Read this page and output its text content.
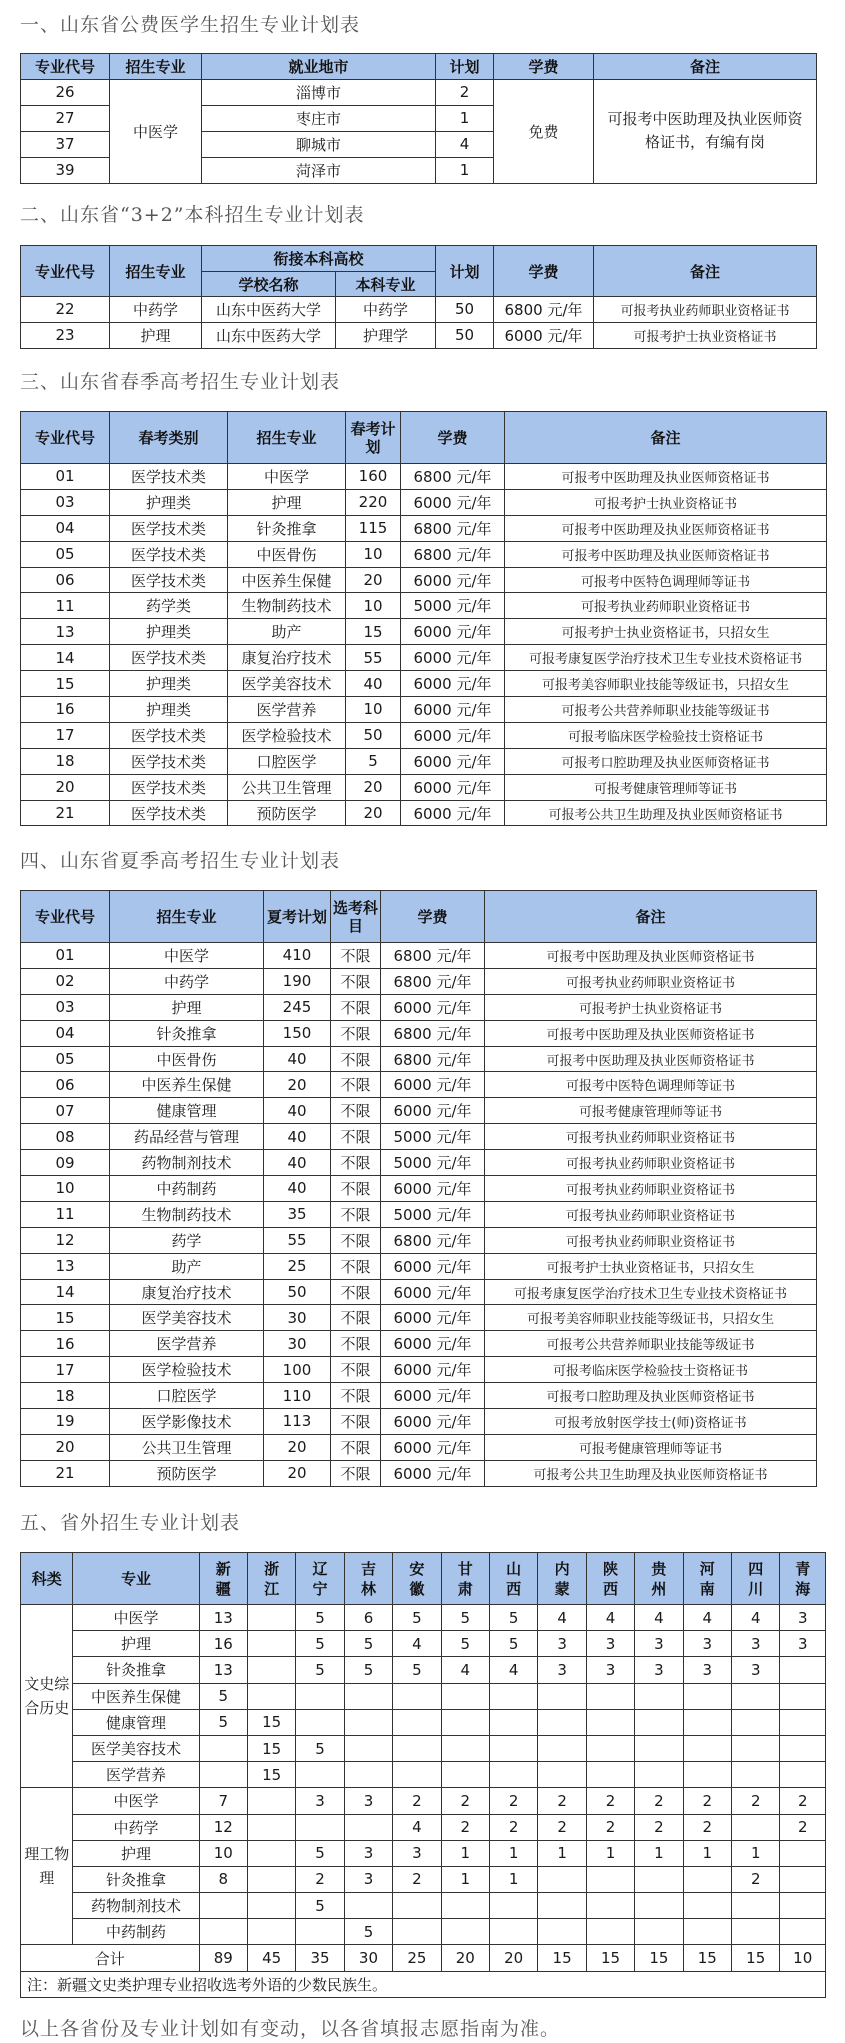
一、山东省公费医学生招生专业计划表
专业代号	招生专业	就业地市	计划	学费	备注
26	中医学	淄博市	2	免费	可报考中医助理及执业医师资格证书，有编有岗
27		枣庄市	1		
37		聊城市	4		
39		菏泽市	1		
二、山东省“3+2”本科招生专业计划表
专业代号	招生专业	衔接本科高校		计划	学费	备注
		学校名称	本科专业			
22	中药学	山东中医药大学	中药学	50	6800 元/年	可报考执业药师职业资格证书
23	护理	山东中医药大学	护理学	50	6000 元/年	可报考护士执业资格证书
三、山东省春季高考招生专业计划表
专业代号	春考类别	招生专业	春考计划	学费	备注
01	医学技术类	中医学	160	6800 元/年	可报考中医助理及执业医师资格证书
03	护理类	护理	220	6000 元/年	可报考护士执业资格证书
04	医学技术类	针灸推拿	115	6800 元/年	可报考中医助理及执业医师资格证书
05	医学技术类	中医骨伤	10	6800 元/年	可报考中医助理及执业医师资格证书
06	医学技术类	中医养生保健	20	6000 元/年	可报考中医特色调理师等证书
11	药学类	生物制药技术	10	5000 元/年	可报考执业药师职业资格证书
13	护理类	助产	15	6000 元/年	可报考护士执业资格证书，只招女生
14	医学技术类	康复治疗技术	55	6000 元/年	可报考康复医学治疗技术卫生专业技术资格证书
15	护理类	医学美容技术	40	6000 元/年	可报考美容师职业技能等级证书，只招女生
16	护理类	医学营养	10	6000 元/年	可报考公共营养师职业技能等级证书
17	医学技术类	医学检验技术	50	6000 元/年	可报考临床医学检验技士资格证书
18	医学技术类	口腔医学	5	6000 元/年	可报考口腔助理及执业医师资格证书
20	医学技术类	公共卫生管理	20	6000 元/年	可报考健康管理师等证书
21	医学技术类	预防医学	20	6000 元/年	可报考公共卫生助理及执业医师资格证书
四、山东省夏季高考招生专业计划表
专业代号	招生专业	夏考计划	选考科目	学费	备注
01	中医学	410	不限	6800 元/年	可报考中医助理及执业医师资格证书
02	中药学	190	不限	6800 元/年	可报考执业药师职业资格证书
03	护理	245	不限	6000 元/年	可报考护士执业资格证书
04	针灸推拿	150	不限	6800 元/年	可报考中医助理及执业医师资格证书
05	中医骨伤	40	不限	6800 元/年	可报考中医助理及执业医师资格证书
06	中医养生保健	20	不限	6000 元/年	可报考中医特色调理师等证书
07	健康管理	40	不限	6000 元/年	可报考健康管理师等证书
08	药品经营与管理	40	不限	5000 元/年	可报考执业药师职业资格证书
09	药物制剂技术	40	不限	5000 元/年	可报考执业药师职业资格证书
10	中药制药	40	不限	6000 元/年	可报考执业药师职业资格证书
11	生物制药技术	35	不限	5000 元/年	可报考执业药师职业资格证书
12	药学	55	不限	6800 元/年	可报考执业药师职业资格证书
13	助产	25	不限	6000 元/年	可报考护士执业资格证书，只招女生
14	康复治疗技术	50	不限	6000 元/年	可报考康复医学治疗技术卫生专业技术资格证书
15	医学美容技术	30	不限	6000 元/年	可报考美容师职业技能等级证书，只招女生
16	医学营养	30	不限	6000 元/年	可报考公共营养师职业技能等级证书
17	医学检验技术	100	不限	6000 元/年	可报考临床医学检验技士资格证书
18	口腔医学	110	不限	6000 元/年	可报考口腔助理及执业医师资格证书
19	医学影像技术	113	不限	6000 元/年	可报考放射医学技士(师)资格证书
20	公共卫生管理	20	不限	6000 元/年	可报考健康管理师等证书
21	预防医学	20	不限	6000 元/年	可报考公共卫生助理及执业医师资格证书
五、省外招生专业计划表
科类	专业	新疆	浙江	辽宁	吉林	安徽	甘肃	山西	内蒙	陕西	贵州	河南	四川	青海
文史综合历史	中医学	13		5	6	5	5	5	4	4	4	4	4	3
	护理	16		5	5	4	5	5	3	3	3	3	3	3
	针灸推拿	13		5	5	5	4	4	3	3	3	3	3	
	中医养生保健	5												
	健康管理	5	15											
	医学美容技术		15	5										
	医学营养		15											
理工物理	中医学	7		3	3	2	2	2	2	2	2	2	2	2
	中药学	12				4	2	2	2	2	2	2		2
	护理	10		5	3	3	1	1	1	1	1	1	1	
	针灸推拿	8		2	3	2	1	1					2	
	药物制剂技术			5										
	中药制药				5									
合计		89	45	35	30	25	20	20	15	15	15	15	15	10
注：新疆文史类护理专业招收选考外语的少数民族生。														
以上各省份及专业计划如有变动，以各省填报志愿指南为准。
